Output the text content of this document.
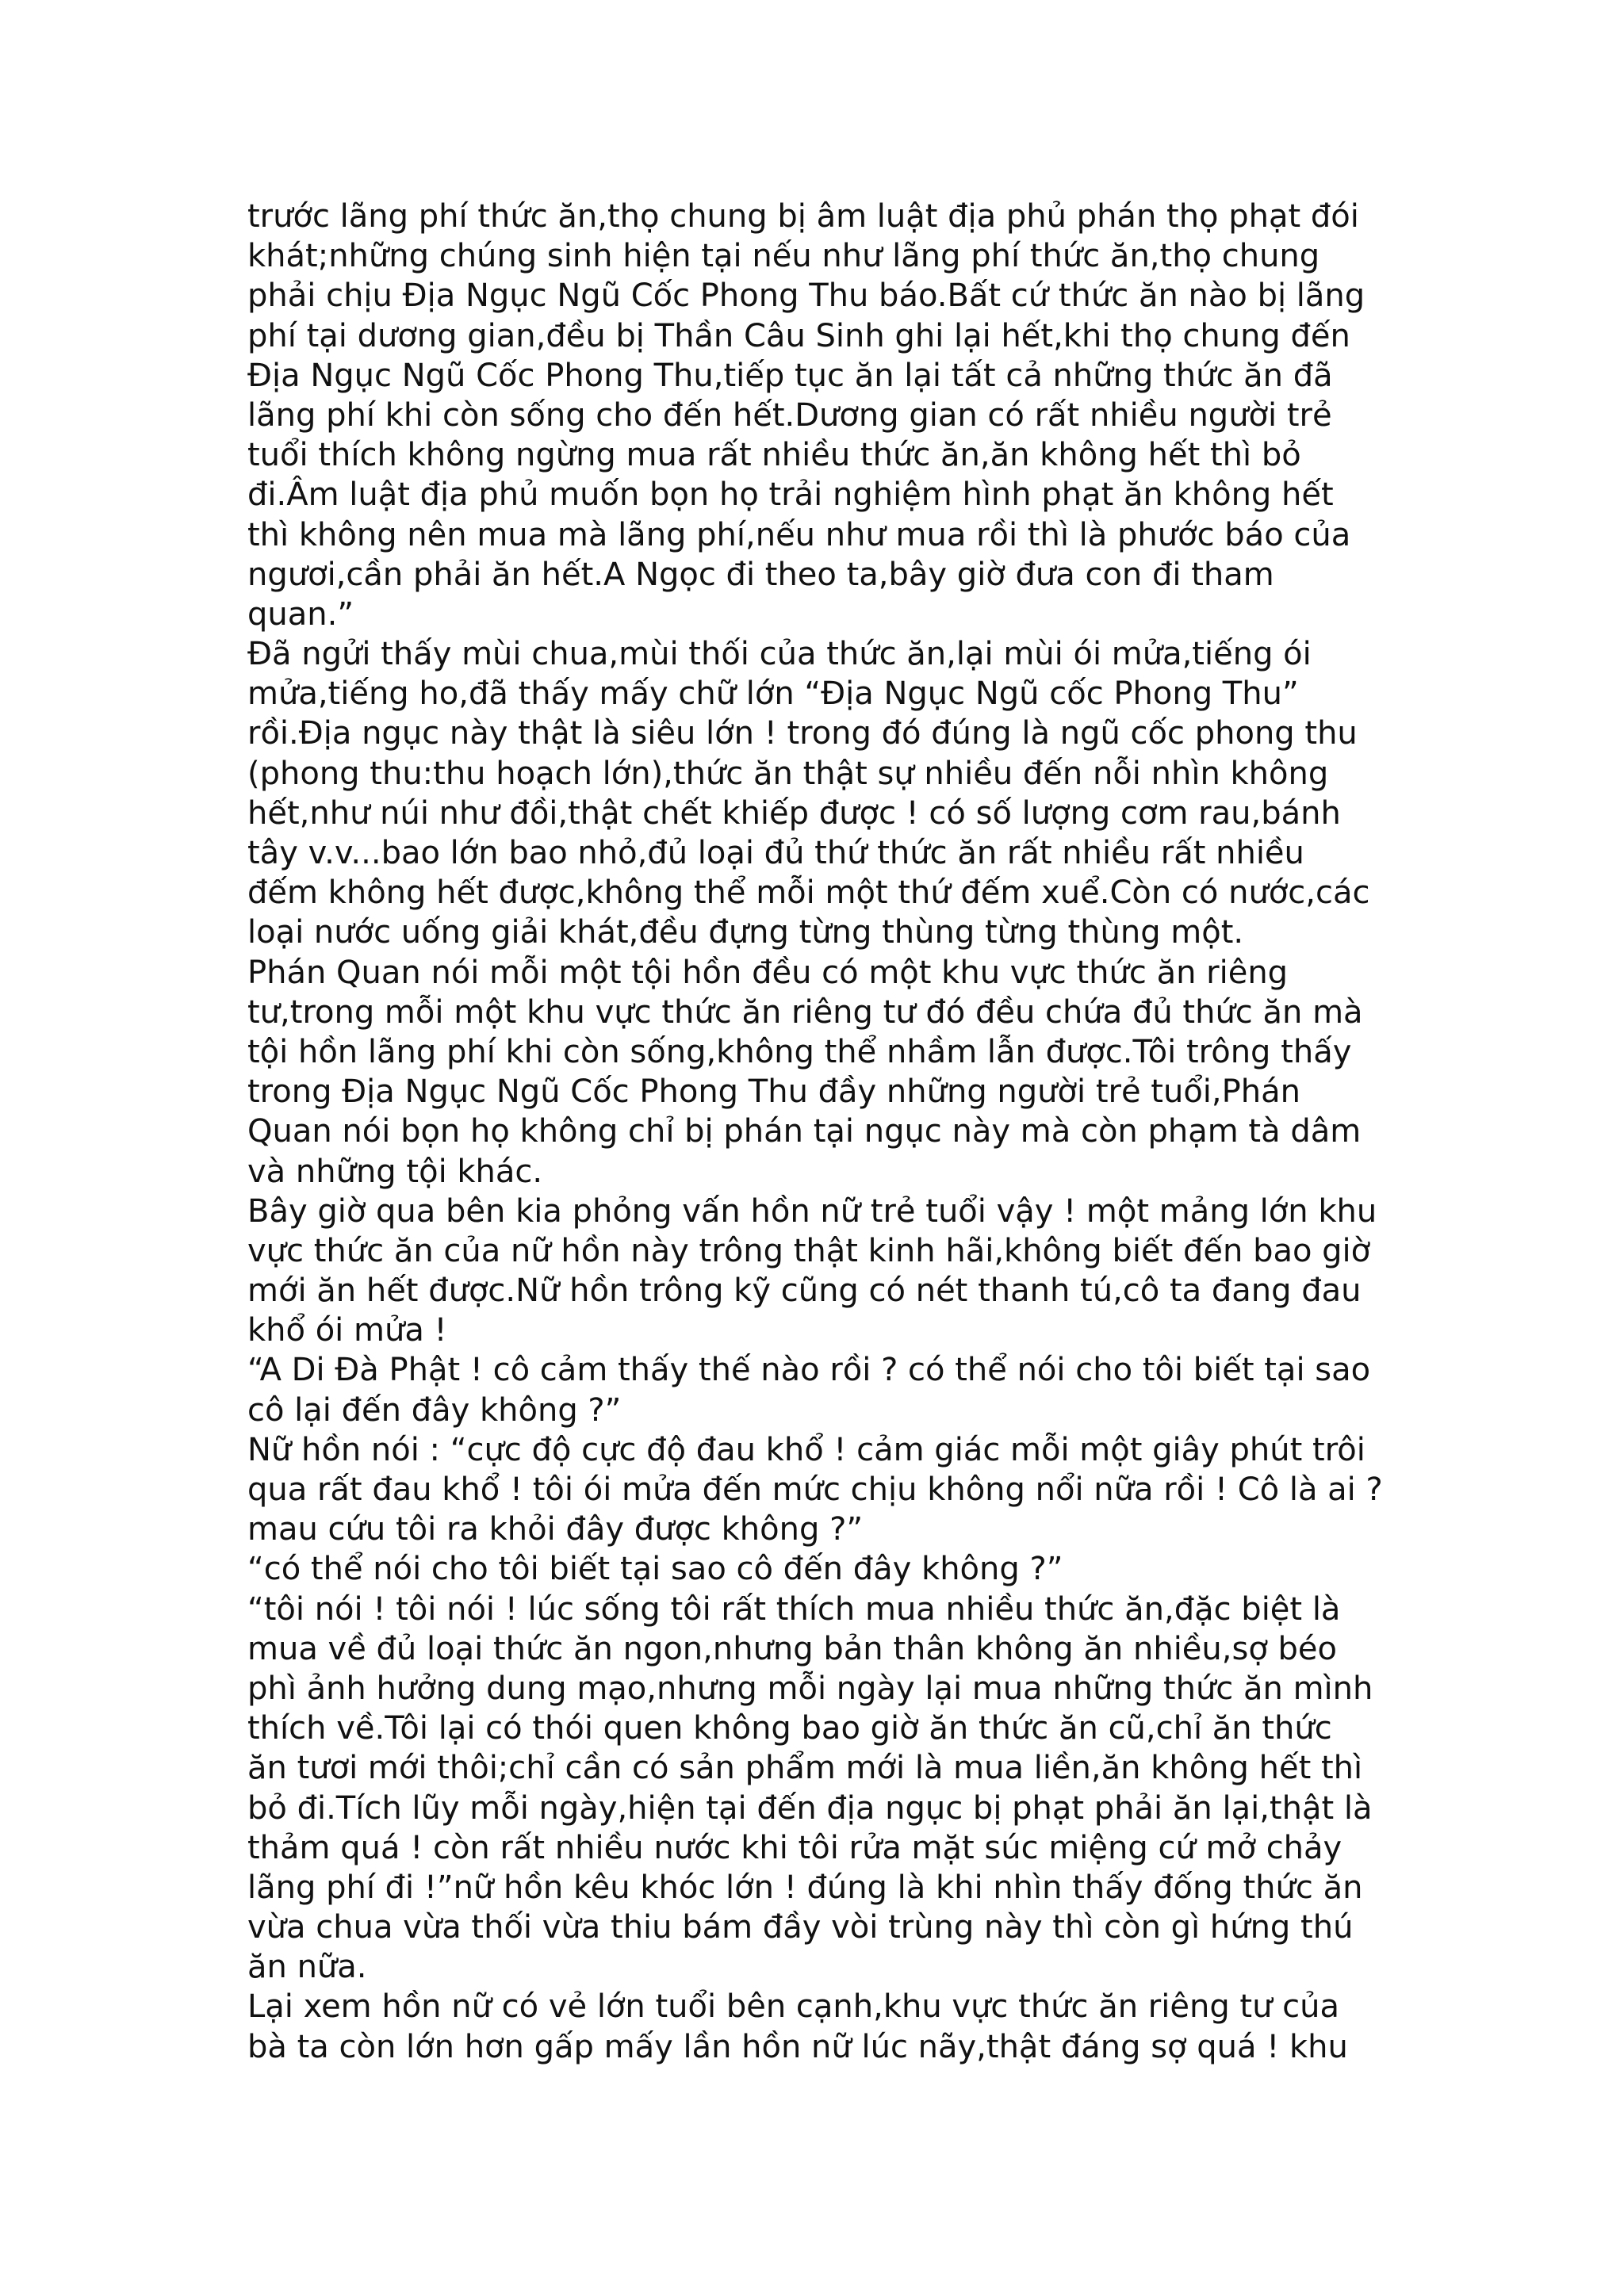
trước lãng phí thức ăn,thọ chung bị âm luật địa phủ phán thọ phạt đói
khát;những chúng sinh hiện tại nếu như lãng phí thức ăn,thọ chung
phải chịu Địa Ngục Ngũ Cốc Phong Thu báo.Bất cứ thức ăn nào bị lãng
phí tại dương gian,đều bị Thần Câu Sinh ghi lại hết,khi thọ chung đến
Địa Ngục Ngũ Cốc Phong Thu,tiếp tục ăn lại tất cả những thức ăn đã
lãng phí khi còn sống cho đến hết.Dương gian có rất nhiều người trẻ
tuổi thích không ngừng mua rất nhiều thức ăn,ăn không hết thì bỏ
đi.Âm luật địa phủ muốn bọn họ trải nghiệm hình phạt ăn không hết
thì không nên mua mà lãng phí,nếu như mua rồi thì là phước báo của
ngươi,cần phải ăn hết.A Ngọc đi theo ta,bây giờ đưa con đi tham
quan.”
Đã ngửi thấy mùi chua,mùi thối của thức ăn,lại mùi ói mửa,tiếng ói
mửa,tiếng ho,đã thấy mấy chữ lớn “Địa Ngục Ngũ cốc Phong Thu”
rồi.Địa ngục này thật là siêu lớn ! trong đó đúng là ngũ cốc phong thu
(phong thu:thu hoạch lớn),thức ăn thật sự nhiều đến nỗi nhìn không
hết,như núi như đồi,thật chết khiếp được ! có số lượng cơm rau,bánh
tây v.v...bao lớn bao nhỏ,đủ loại đủ thứ thức ăn rất nhiều rất nhiều
đếm không hết được,không thể mỗi một thứ đếm xuể.Còn có nước,các
loại nước uống giải khát,đều đựng từng thùng từng thùng một.
Phán Quan nói mỗi một tội hồn đều có một khu vực thức ăn riêng
tư,trong mỗi một khu vực thức ăn riêng tư đó đều chứa đủ thức ăn mà
tội hồn lãng phí khi còn sống,không thể nhầm lẫn được.Tôi trông thấy
trong Địa Ngục Ngũ Cốc Phong Thu đầy những người trẻ tuổi,Phán
Quan nói bọn họ không chỉ bị phán tại ngục này mà còn phạm tà dâm
và những tội khác.
Bây giờ qua bên kia phỏng vấn hồn nữ trẻ tuổi vậy ! một mảng lớn khu
vực thức ăn của nữ hồn này trông thật kinh hãi,không biết đến bao giờ
mới ăn hết được.Nữ hồn trông kỹ cũng có nét thanh tú,cô ta đang đau
khổ ói mửa !
“A Di Đà Phật ! cô cảm thấy thế nào rồi ? có thể nói cho tôi biết tại sao
cô lại đến đây không ?”
Nữ hồn nói : “cực độ cực độ đau khổ ! cảm giác mỗi một giây phút trôi
qua rất đau khổ ! tôi ói mửa đến mức chịu không nổi nữa rồi ! Cô là ai ?
mau cứu tôi ra khỏi đây được không ?”
“có thể nói cho tôi biết tại sao cô đến đây không ?”
“tôi nói ! tôi nói ! lúc sống tôi rất thích mua nhiều thức ăn,đặc biệt là
mua về đủ loại thức ăn ngon,nhưng bản thân không ăn nhiều,sợ béo
phì ảnh hưởng dung mạo,nhưng mỗi ngày lại mua những thức ăn mình
thích về.Tôi lại có thói quen không bao giờ ăn thức ăn cũ,chỉ ăn thức
ăn tươi mới thôi;chỉ cần có sản phẩm mới là mua liền,ăn không hết thì
bỏ đi.Tích lũy mỗi ngày,hiện tại đến địa ngục bị phạt phải ăn lại,thật là
thảm quá ! còn rất nhiều nước khi tôi rửa mặt súc miệng cứ mở chảy
lãng phí đi !”nữ hồn kêu khóc lớn ! đúng là khi nhìn thấy đống thức ăn
vừa chua vừa thối vừa thiu bám đầy vòi trùng này thì còn gì hứng thú
ăn nữa.
Lại xem hồn nữ có vẻ lớn tuổi bên cạnh,khu vực thức ăn riêng tư của
bà ta còn lớn hơn gấp mấy lần hồn nữ lúc nãy,thật đáng sợ quá ! khu
